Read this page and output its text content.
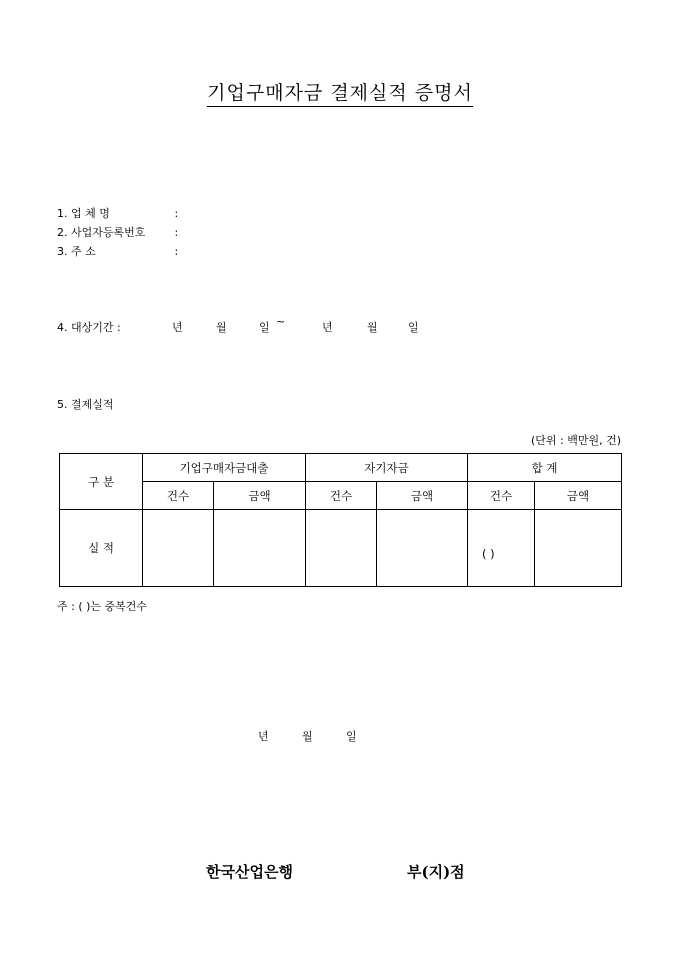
기업구매자금 결제실적 증명서
1. 업 체 명	:
2. 사업자등록번호	:
3. 주 소	:
4. 대상기간 :	년	월	일 ~	년	월	일
5. 결제실적
(단위 : 백만원, 건)
구 분	기업구매자금대출		자기자금		합 계	
	건수	금액	건수	금액	건수	금액
실 적					( )	

주 : ( )는 중복건수
년	월	일
한국산업은행	부(지)점
